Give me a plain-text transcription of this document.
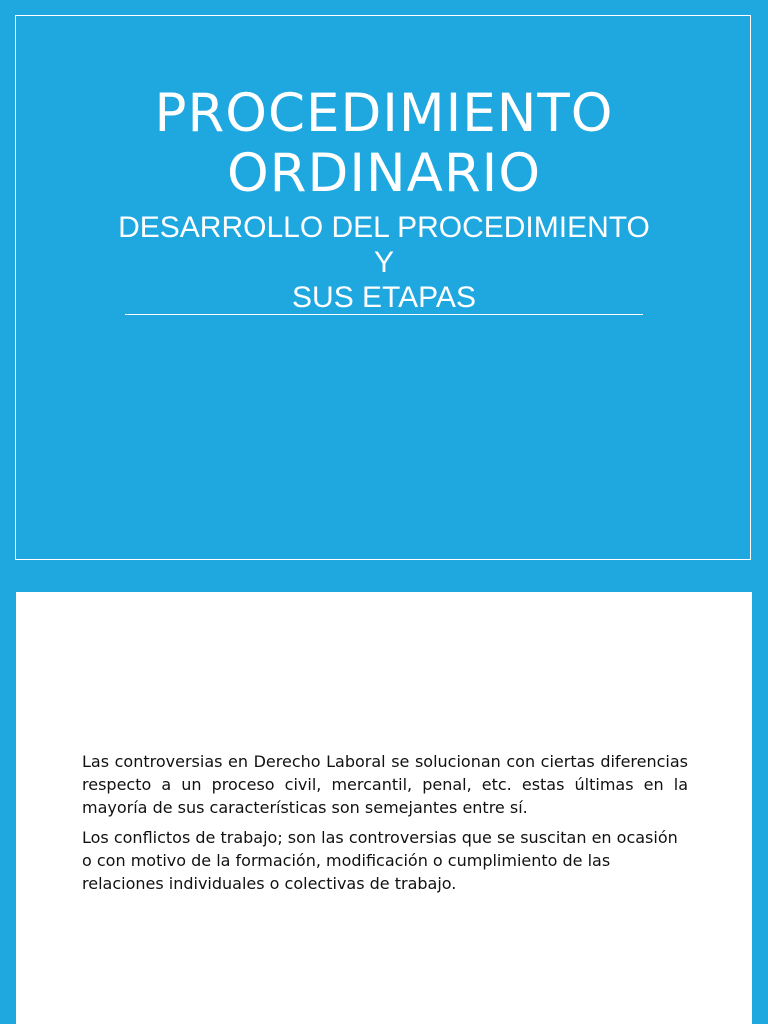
PROCEDIMIENTO
ORDINARIO
DESARROLLO DEL PROCEDIMIENTO
Y
SUS ETAPAS

Las controversias en Derecho Laboral se solucionan con ciertas diferencias respecto a un proceso civil, mercantil, penal, etc. estas últimas en la mayoría de sus características son semejantes entre sí.

Los conflictos de trabajo; son las controversias que se suscitan en ocasión o con motivo de la formación, modificación o cumplimiento de las relaciones individuales o colectivas de trabajo.
